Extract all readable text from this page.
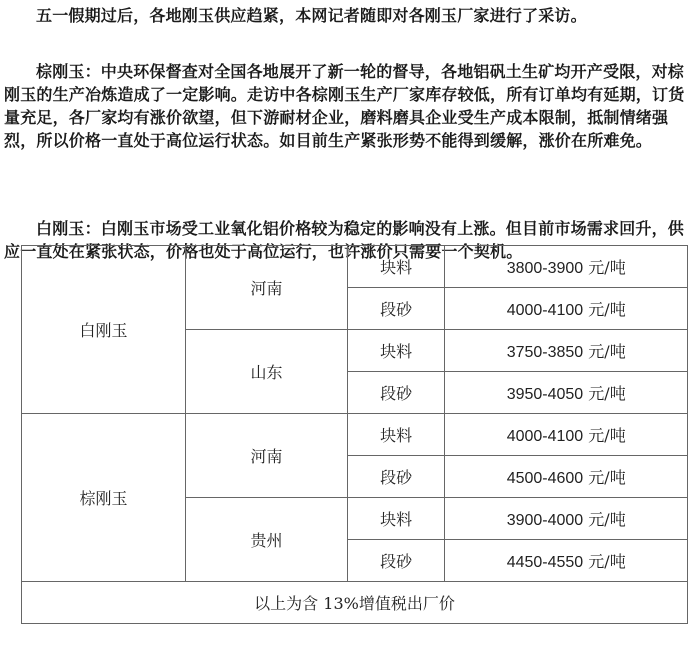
五一假期过后，各地刚玉供应趋紧，本网记者随即对各刚玉厂家进行了采访。

棕刚玉：中央环保督查对全国各地展开了新一轮的督导，各地铝矾土生矿均开产受限，对棕刚玉的生产冶炼造成了一定影响。走访中各棕刚玉生产厂家库存较低，所有订单均有延期，订货量充足，各厂家均有涨价欲望，但下游耐材企业，磨料磨具企业受生产成本限制，抵制情绪强烈，所以价格一直处于高位运行状态。如目前生产紧张形势不能得到缓解，涨价在所难免。

白刚玉：白刚玉市场受工业氧化铝价格较为稳定的影响没有上涨。但目前市场需求回升，供应一直处在紧张状态，价格也处于高位运行，也许涨价只需要一个契机。

白刚玉	河南	块料	3800-3900 元/吨
		段砂	4000-4100 元/吨
	山东	块料	3750-3850 元/吨
		段砂	3950-4050 元/吨
棕刚玉	河南	块料	4000-4100 元/吨
		段砂	4500-4600 元/吨
	贵州	块料	3900-4000 元/吨
		段砂	4450-4550 元/吨
以上为含 13%增值税出厂价			
